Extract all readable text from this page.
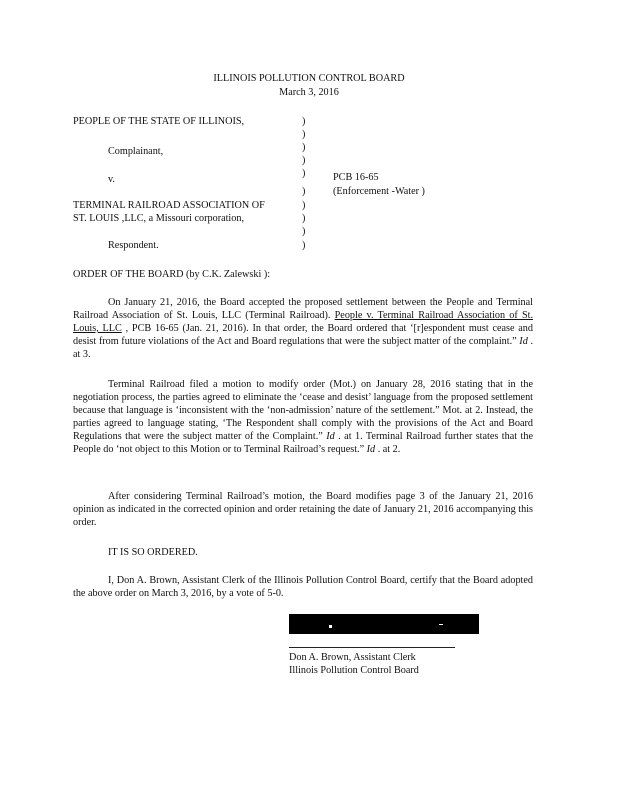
ILLINOIS POLLUTION CONTROL BOARD
March 3, 2016
PEOPLE OF THE STATE OF ILLINOIS,
Complainant,
v.
TERMINAL RAILROAD ASSOCIATION OF
ST. LOUIS ,LLC, a Missouri corporation,
Respondent.
)
)
)
)
)
)
)
)
)
)
PCB 16-65
(Enforcement -Water )
ORDER OF THE BOARD (by C.K. Zalewski ):
On January 21, 2016, the Board accepted the proposed settlement between the People and Terminal Railroad Association of St. Louis, LLC (Terminal Railroad). People v. Terminal Railroad Association of St. Louis, LLC , PCB 16-65 (Jan. 21, 2016). In that order, the Board ordered that ‘[r]espondent must cease and desist from future violations of the Act and Board regulations that were the subject matter of the complaint.” Id . at 3.
Terminal Railroad filed a motion to modify order (Mot.) on January 28, 2016 stating that in the negotiation process, the parties agreed to eliminate the ‘cease and desist’ language from the proposed settlement because that language is ‘inconsistent with the ‘non-admission’ nature of the settlement.” Mot. at 2. Instead, the parties agreed to language stating, ‘The Respondent shall comply with the provisions of the Act and Board Regulations that were the subject matter of the Complaint.” Id . at 1. Terminal Railroad further states that the People do ‘not object to this Motion or to Terminal Railroad’s request.” Id . at 2.
After considering Terminal Railroad’s motion, the Board modifies page 3 of the January 21, 2016 opinion as indicated in the corrected opinion and order retaining the date of January 21, 2016 accompanying this order.
IT IS SO ORDERED.
I, Don A. Brown, Assistant Clerk of the Illinois Pollution Control Board, certify that the Board adopted the above order on March 3, 2016, by a vote of 5-0.
Don A. Brown, Assistant Clerk
Illinois Pollution Control Board
